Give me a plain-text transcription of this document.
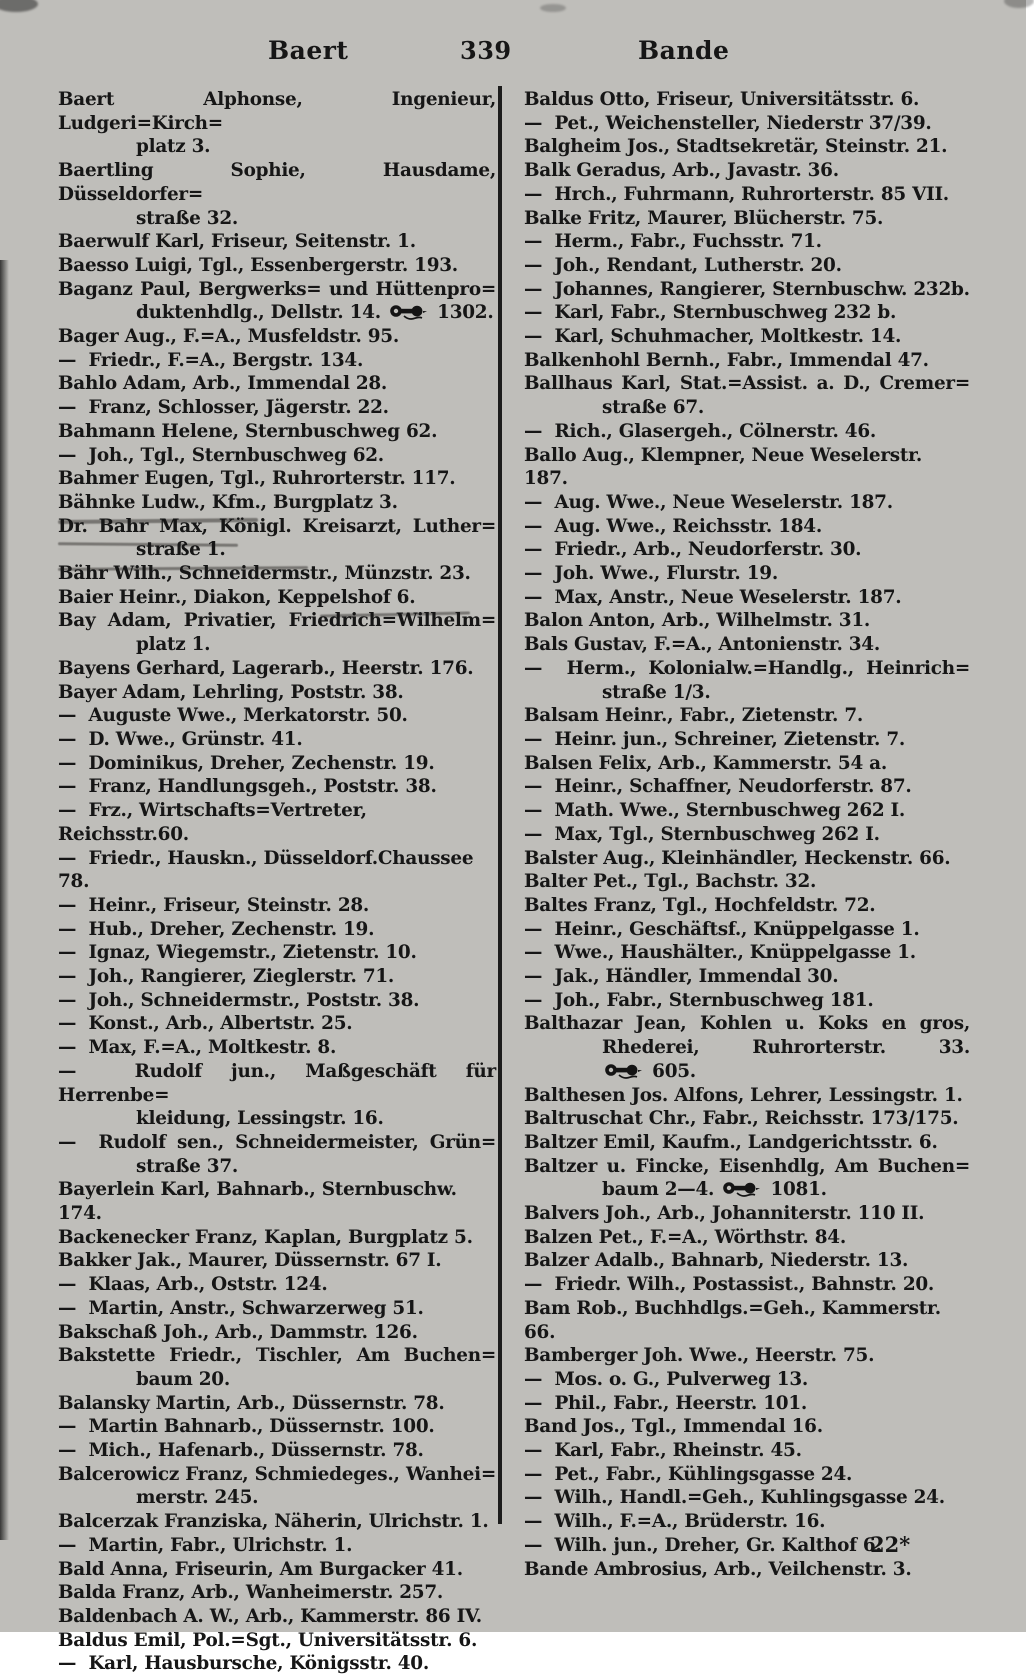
Baert	339	Bande
Baert Alphonse, Ingenieur, Ludgeri=Kirch=
platz 3.
Baertling Sophie, Hausdame, Düsseldorfer=
straße 32.
Baerwulf Karl, Friseur, Seitenstr. 1.
Baesso Luigi, Tgl., Essenbergerstr. 193.
Baganz Paul, Bergwerks= und Hüttenpro=
duktenhdlg., Dellstr. 14.  1302.
Bager Aug., F.=A., Musfeldstr. 95.
—  Friedr., F.=A., Bergstr. 134.
Bahlo Adam, Arb., Immendal 28.
—  Franz, Schlosser, Jägerstr. 22.
Bahmann Helene, Sternbuschweg 62.
—  Joh., Tgl., Sternbuschweg 62.
Bahmer Eugen, Tgl., Ruhrorterstr. 117.
Bähnke Ludw., Kfm., Burgplatz 3.
Dr. Bahr Max, Königl. Kreisarzt, Luther=
straße 1.
Bähr Wilh., Schneidermstr., Münzstr. 23.
Baier Heinr., Diakon, Keppelshof 6.
Bay Adam, Privatier, Friedrich=Wilhelm=
platz 1.
Bayens Gerhard, Lagerarb., Heerstr. 176.
Bayer Adam, Lehrling, Poststr. 38.
—  Auguste Wwe., Merkatorstr. 50.
—  D. Wwe., Grünstr. 41.
—  Dominikus, Dreher, Zechenstr. 19.
—  Franz, Handlungsgeh., Poststr. 38.
—  Frz., Wirtschafts=Vertreter, Reichsstr.60.
—  Friedr., Hauskn., Düsseldorf.Chaussee 78.
—  Heinr., Friseur, Steinstr. 28.
—  Hub., Dreher, Zechenstr. 19.
—  Ignaz, Wiegemstr., Zietenstr. 10.
—  Joh., Rangierer, Zieglerstr. 71.
—  Joh., Schneidermstr., Poststr. 38.
—  Konst., Arb., Albertstr. 25.
—  Max, F.=A., Moltkestr. 8.
—  Rudolf jun., Maßgeschäft für Herrenbe=
kleidung, Lessingstr. 16.
—  Rudolf sen., Schneidermeister, Grün=
straße 37.
Bayerlein Karl, Bahnarb., Sternbuschw. 174.
Backenecker Franz, Kaplan, Burgplatz 5.
Bakker Jak., Maurer, Düssernstr. 67 I.
—  Klaas, Arb., Oststr. 124.
—  Martin, Anstr., Schwarzerweg 51.
Bakschaß Joh., Arb., Dammstr. 126.
Bakstette Friedr., Tischler, Am Buchen=
baum 20.
Balansky Martin, Arb., Düssernstr. 78.
—  Martin Bahnarb., Düssernstr. 100.
—  Mich., Hafenarb., Düssernstr. 78.
Balcerowicz Franz, Schmiedeges., Wanhei=
merstr. 245.
Balcerzak Franziska, Näherin, Ulrichstr. 1.
—  Martin, Fabr., Ulrichstr. 1.
Bald Anna, Friseurin, Am Burgacker 41.
Balda Franz, Arb., Wanheimerstr. 257.
Baldenbach A. W., Arb., Kammerstr. 86 IV.
Baldus Emil, Pol.=Sgt., Universitätsstr. 6.
—  Karl, Hausbursche, Königsstr. 40.
Baldus Otto, Friseur, Universitätsstr. 6.
—  Pet., Weichensteller, Niederstr 37/39.
Balgheim Jos., Stadtsekretär, Steinstr. 21.
Balk Geradus, Arb., Javastr. 36.
—  Hrch., Fuhrmann, Ruhrorterstr. 85 VII.
Balke Fritz, Maurer, Blücherstr. 75.
—  Herm., Fabr., Fuchsstr. 71.
—  Joh., Rendant, Lutherstr. 20.
—  Johannes, Rangierer, Sternbuschw. 232b.
—  Karl, Fabr., Sternbuschweg 232 b.
—  Karl, Schuhmacher, Moltkestr. 14.
Balkenhohl Bernh., Fabr., Immendal 47.
Ballhaus Karl, Stat.=Assist. a. D., Cremer=
straße 67.
—  Rich., Glasergeh., Cölnerstr. 46.
Ballo Aug., Klempner, Neue Weselerstr. 187.
—  Aug. Wwe., Neue Weselerstr. 187.
—  Aug. Wwe., Reichsstr. 184.
—  Friedr., Arb., Neudorferstr. 30.
—  Joh. Wwe., Flurstr. 19.
—  Max, Anstr., Neue Weselerstr. 187.
Balon Anton, Arb., Wilhelmstr. 31.
Bals Gustav, F.=A., Antonienstr. 34.
—  Herm., Kolonialw.=Handlg., Heinrich=
straße 1/3.
Balsam Heinr., Fabr., Zietenstr. 7.
—  Heinr. jun., Schreiner, Zietenstr. 7.
Balsen Felix, Arb., Kammerstr. 54 a.
—  Heinr., Schaffner, Neudorferstr. 87.
—  Math. Wwe., Sternbuschweg 262 I.
—  Max, Tgl., Sternbuschweg 262 I.
Balster Aug., Kleinhändler, Heckenstr. 66.
Balter Pet., Tgl., Bachstr. 32.
Baltes Franz, Tgl., Hochfeldstr. 72.
—  Heinr., Geschäftsf., Knüppelgasse 1.
—  Wwe., Haushälter., Knüppelgasse 1.
—  Jak., Händler, Immendal 30.
—  Joh., Fabr., Sternbuschweg 181.
Balthazar Jean, Kohlen u. Koks en gros,
Rhederei, Ruhrorterstr. 33.
605.
Balthesen Jos. Alfons, Lehrer, Lessingstr. 1.
Baltruschat Chr., Fabr., Reichsstr. 173/175.
Baltzer Emil, Kaufm., Landgerichtsstr. 6.
Baltzer u. Fincke, Eisenhdlg, Am Buchen=
baum 2—4.  1081.
Balvers Joh., Arb., Johanniterstr. 110 II.
Balzen Pet., F.=A., Wörthstr. 84.
Balzer Adalb., Bahnarb, Niederstr. 13.
—  Friedr. Wilh., Postassist., Bahnstr. 20.
Bam Rob., Buchhdlgs.=Geh., Kammerstr. 66.
Bamberger Joh. Wwe., Heerstr. 75.
—  Mos. o. G., Pulverweg 13.
—  Phil., Fabr., Heerstr. 101.
Band Jos., Tgl., Immendal 16.
—  Karl, Fabr., Rheinstr. 45.
—  Pet., Fabr., Kühlingsgasse 24.
—  Wilh., Handl.=Geh., Kuhlingsgasse 24.
—  Wilh., F.=A., Brüderstr. 16.
—  Wilh. jun., Dreher, Gr. Kalthof 6.
Bande Ambrosius, Arb., Veilchenstr. 3.
22*
